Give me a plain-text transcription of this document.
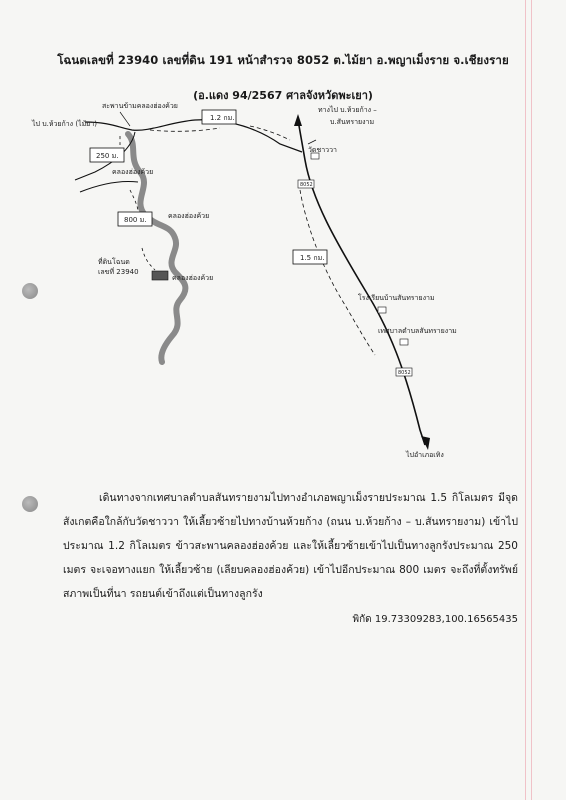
โฉนดเลขที่ 23940 เลขที่ดิน 191 หน้าสำรวจ 8052 ต.ไม้ยา อ.พญาเม็งราย จ.เชียงราย
(อ.แดง 94/2567 ศาลจังหวัดพะเยา)
ไป บ.ห้วยก้าง (ไม้ยา)
สะพานข้ามคลองฮ่องค้วย
1.2 กม.
250 ม.
800 ม.
1.5 กม.
คลองฮ่องค้วย
คลองฮ่องค้วย
คลองฮ่องค้วย
ที่ดินโฉนด
เลขที่ 23940
ทางไป บ.ห้วยก้าง –
บ.สันทรายงาม
วัดชาววา
8052
8052
โรงเรียนบ้านสันทรายงาม
เทศบาลตำบลสันทรายงาม
ไปอำเภอเทิง
เดินทางจากเทศบาลตำบลสันทรายงามไปทางอำเภอพญาเม็งรายประมาณ 1.5 กิโลเมตร มีจุดสังเกตคือใกล้กับวัดชาววา ให้เลี้ยวซ้ายไปทางบ้านห้วยก้าง (ถนน บ.ห้วยก้าง – บ.สันทรายงาม) เข้าไปประมาณ 1.2 กิโลเมตร ข้าวสะพานคลองฮ่องค้วย และให้เลี้ยวซ้ายเข้าไปเป็นทางลูกรังประมาณ 250 เมตร จะเจอทางแยก ให้เลี้ยวซ้าย (เลียบคลองฮ่องค้วย) เข้าไปอีกประมาณ 800 เมตร จะถึงที่ตั้งทรัพย์ สภาพเป็นที่นา รถยนต์เข้าถึงแต่เป็นทางลูกรัง
พิกัด 19.73309283,100.16565435
